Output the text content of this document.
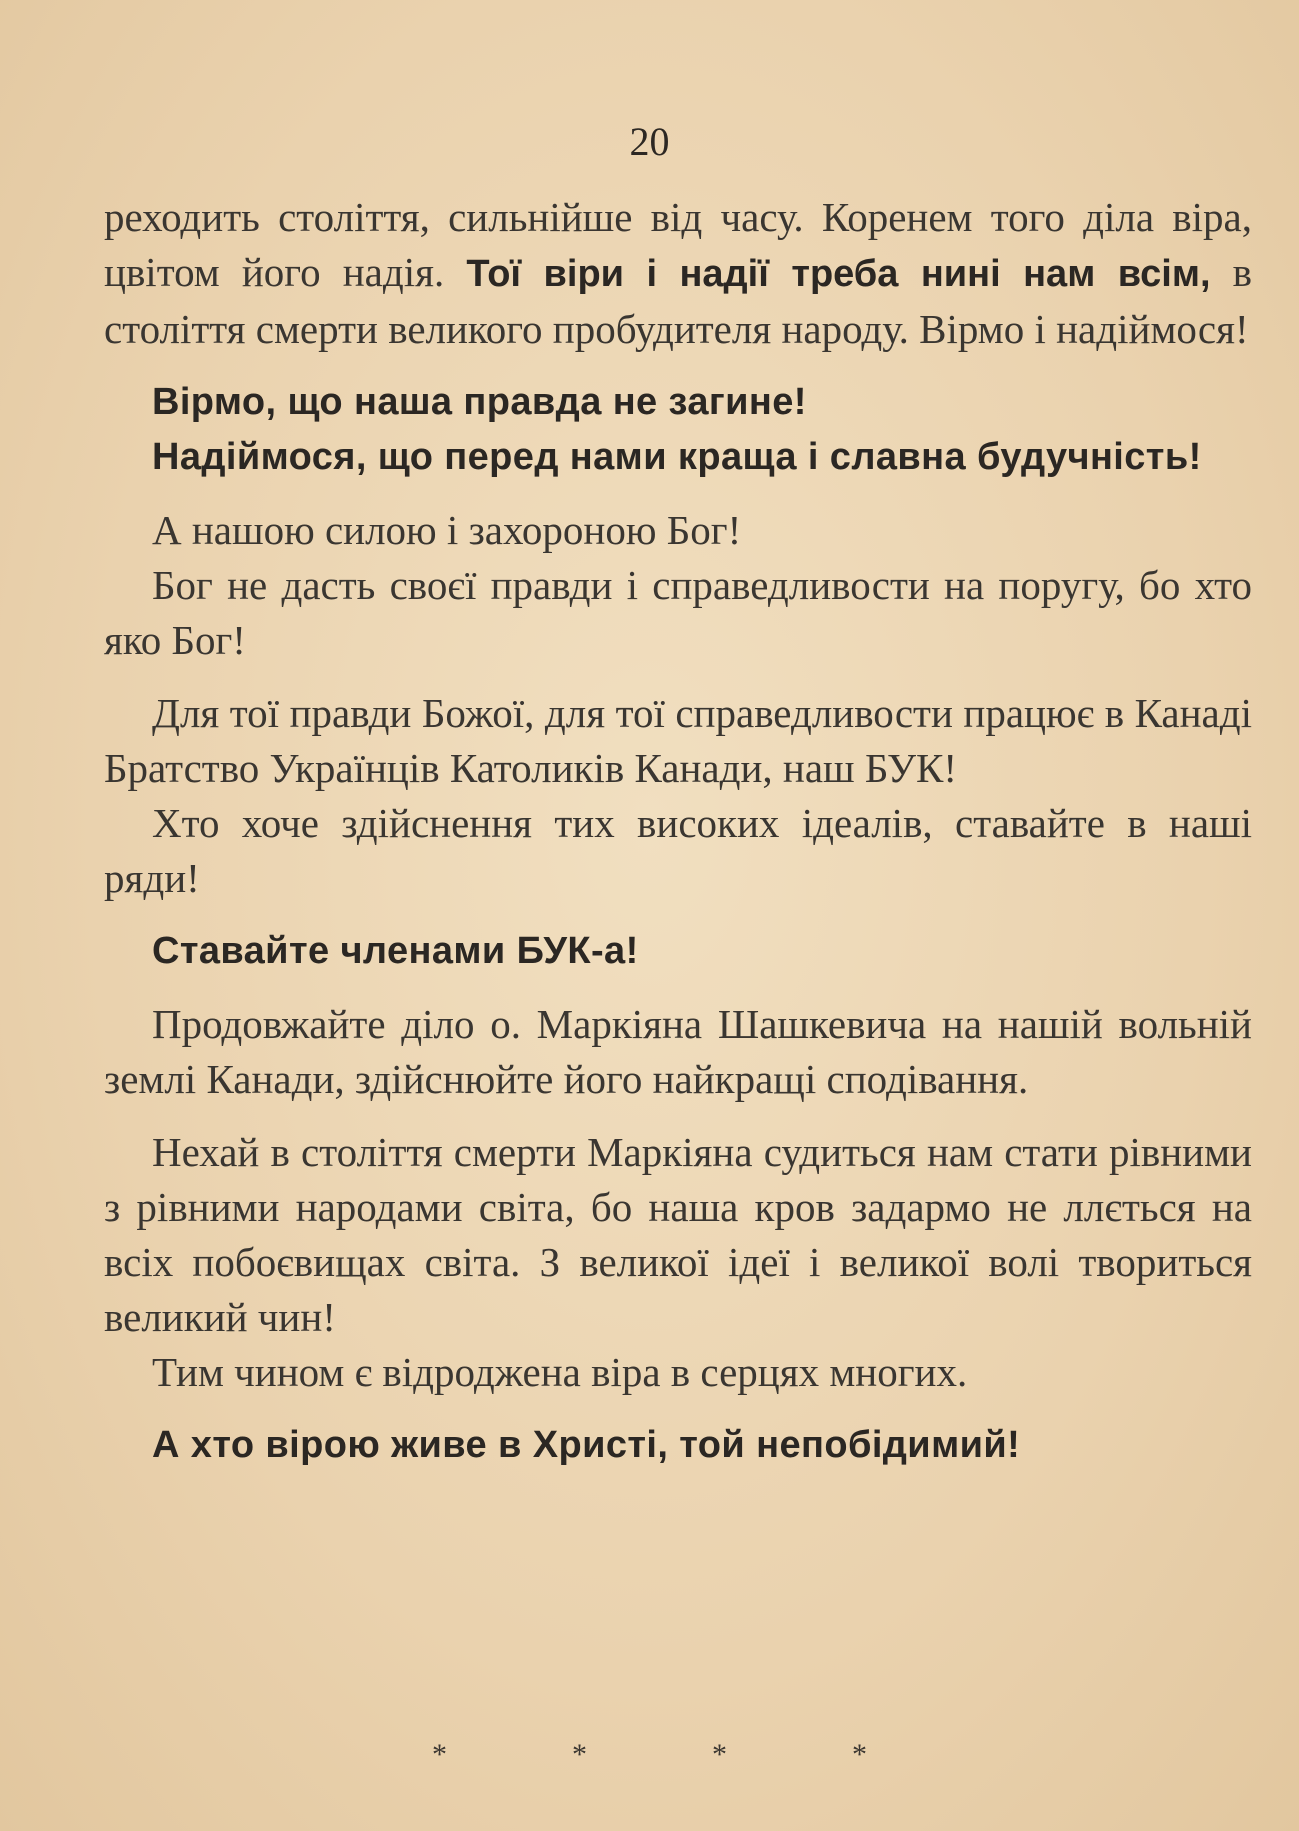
20

реходить століття, сильнійше від часу. Коренем того діла віра, цвітом його надія. Тої віри і надії треба нині нам всім, в століття смерти великого пробудителя народу. Вірмо і надіймося!

Вірмо, що наша правда не загине!

Надіймося, що перед нами краща і славна будучність!

А нашою силою і захороною Бог!

Бог не дасть своєї правди і справедливости на поругу, бо хто яко Бог!

Для тої правди Божої, для тої справедливости працює в Канаді Братство Українців Католиків Канади, наш БУК!

Хто хоче здійснення тих високих ідеалів, ставайте в наші ряди!

Ставайте членами БУК-а!

Продовжайте діло о. Маркіяна Шашкевича на нашій вольній землі Канади, здійснюйте його найкращі сподівання.

Нехай в століття смерти Маркіяна судиться нам стати рівними з рівними народами світа, бо наша кров задармо не ллється на всіх побоєвищах світа. З великої ідеї і великої волі твориться великий чин!

Тим чином є відроджена віра в серцях многих.

А хто вірою живе в Христі, той непобідимий!

*	*	*	*
